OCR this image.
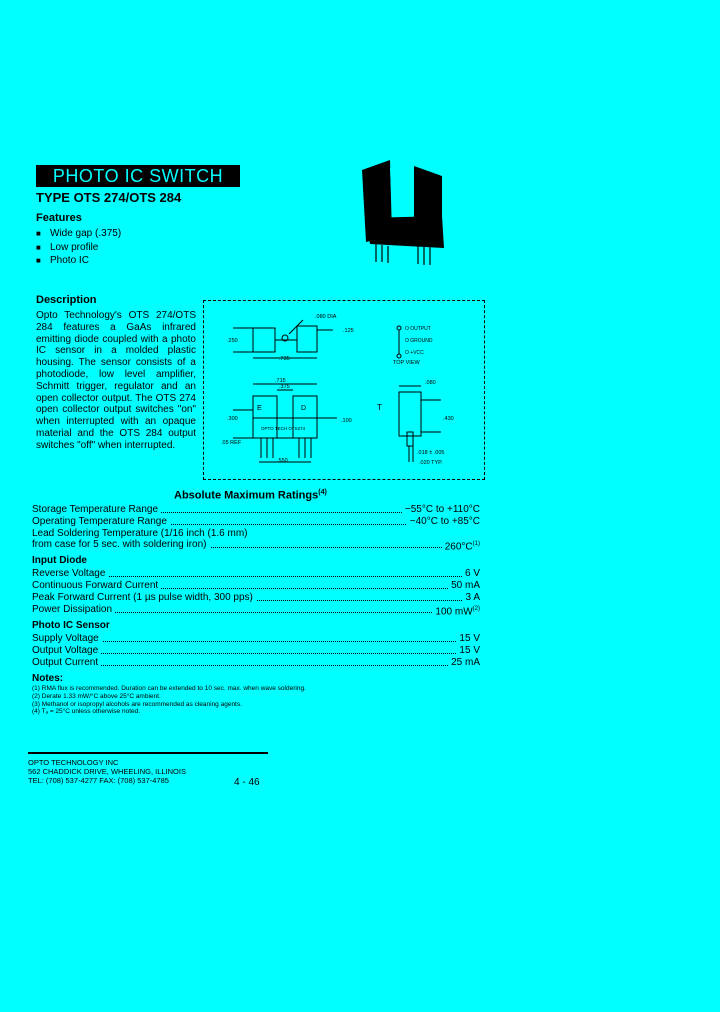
PHOTO IC SWITCH
TYPE OTS 274/OTS 284
Features
■ Wide gap (.375)
■ Low profile
■ Photo IC
Description
Opto Technology's OTS 274/OTS 284 features a GaAs infrared emitting diode coupled with a photo IC sensor in a molded plastic housing. The sensor consists of a photodiode, low level amplifier, Schmitt trigger, regulator and an open collector output. The OTS 274 open collector output switches "on" when interrupted with an opaque material and the OTS 284 output switches "off" when interrupted.
.080 DIA
.125
.250
.735
.715
.375
.300	.100
.05 REF
.550
.080
.430
.018 ± .005
.020 TYP.
OPTO TECH OTS274
TOP VIEW
O OUTPUT
O GROUND
O +VCC
E	D	T
Absolute Maximum Ratings$^{(4)}$
Storage Temperature Range	−55°C to +110°C
Operating Temperature Range	−40°C to +85°C
Lead Soldering Temperature (1/16 inch (1.6 mm)
from case for 5 sec. with soldering iron)	$260^\circ C^{(1)}$
Input Diode
Reverse Voltage	6 V
Continuous Forward Current	50 mA
Peak Forward Current (1 µs pulse width, 300 pps)	3 A
Power Dissipation	100 $mW^{(2)}$
Photo IC Sensor
Supply Voltage	15 V
Output Voltage	15 V
Output Current	25 mA
Notes:
(1) RMA flux is recommended. Duration can be extended to 10 sec. max. when wave soldering.
(2) Derate 1.33 mW/°C above 25°C ambient.
(3) Methanol or isopropyl alcohols are recommended as cleaning agents.
(4) Tₐ = 25°C unless otherwise noted.
OPTO TECHNOLOGY INC
562 CHADDICK DRIVE, WHEELING, ILLINOIS
TEL: (708) 537-4277 FAX: (708) 537-4785	4 - 46
